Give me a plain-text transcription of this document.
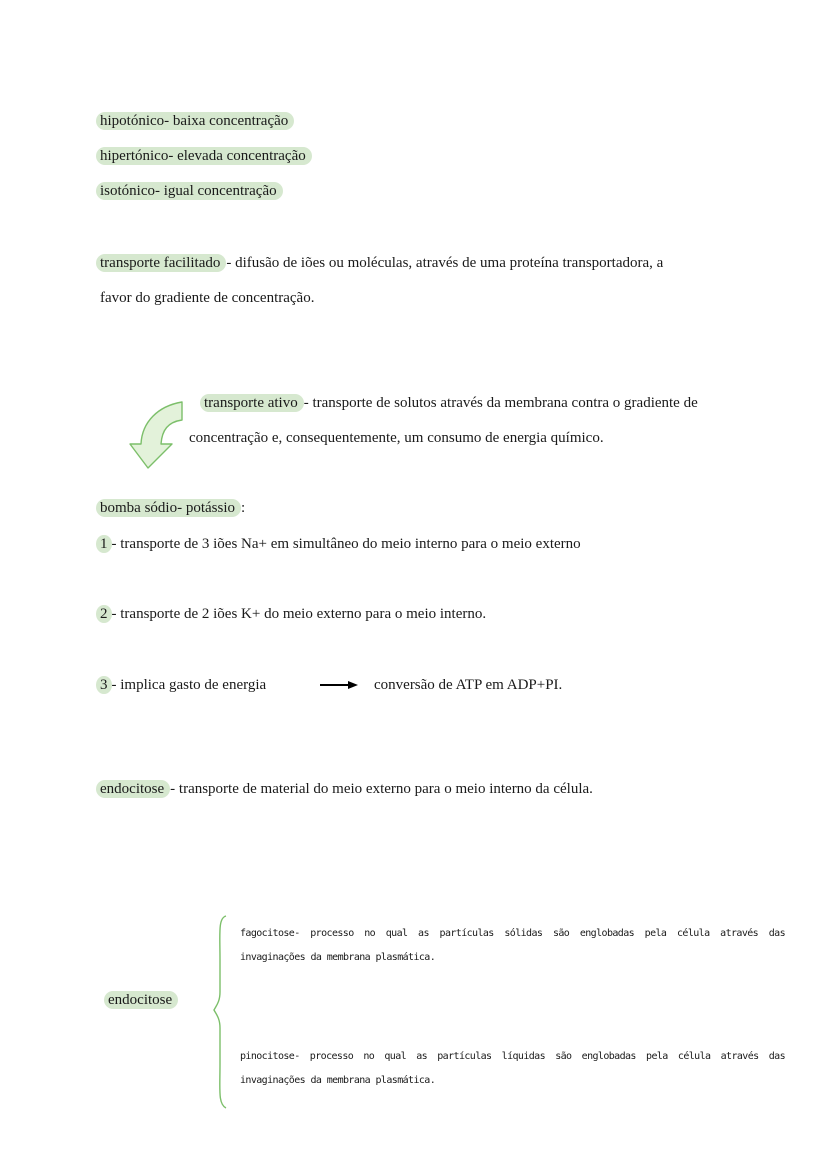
hipotónico- baixa concentração
hipertónico- elevada concentração
isotónico- igual concentração
transporte facilitado - difusão de iões ou moléculas, através de uma proteína transportadora, a
favor do gradiente de concentração.
transporte ativo - transporte de solutos através da membrana contra o gradiente de
concentração e, consequentemente, um consumo de energia químico.
bomba sódio- potássio :
1 - transporte de 3 iões Na+ em simultâneo do meio interno para o meio externo
2 - transporte de 2 iões K+ do meio externo para o meio interno.
3 - implica gasto de energia	conversão de ATP em ADP+PI.
endocitose - transporte de material do meio externo para o meio interno da célula.
endocitose
fagocitose- processo no qual as partículas sólidas são englobadas pela célula através das invaginações da membrana plasmática.
pinocitose- processo no qual as partículas líquidas são englobadas pela célula através das invaginações da membrana plasmática.
